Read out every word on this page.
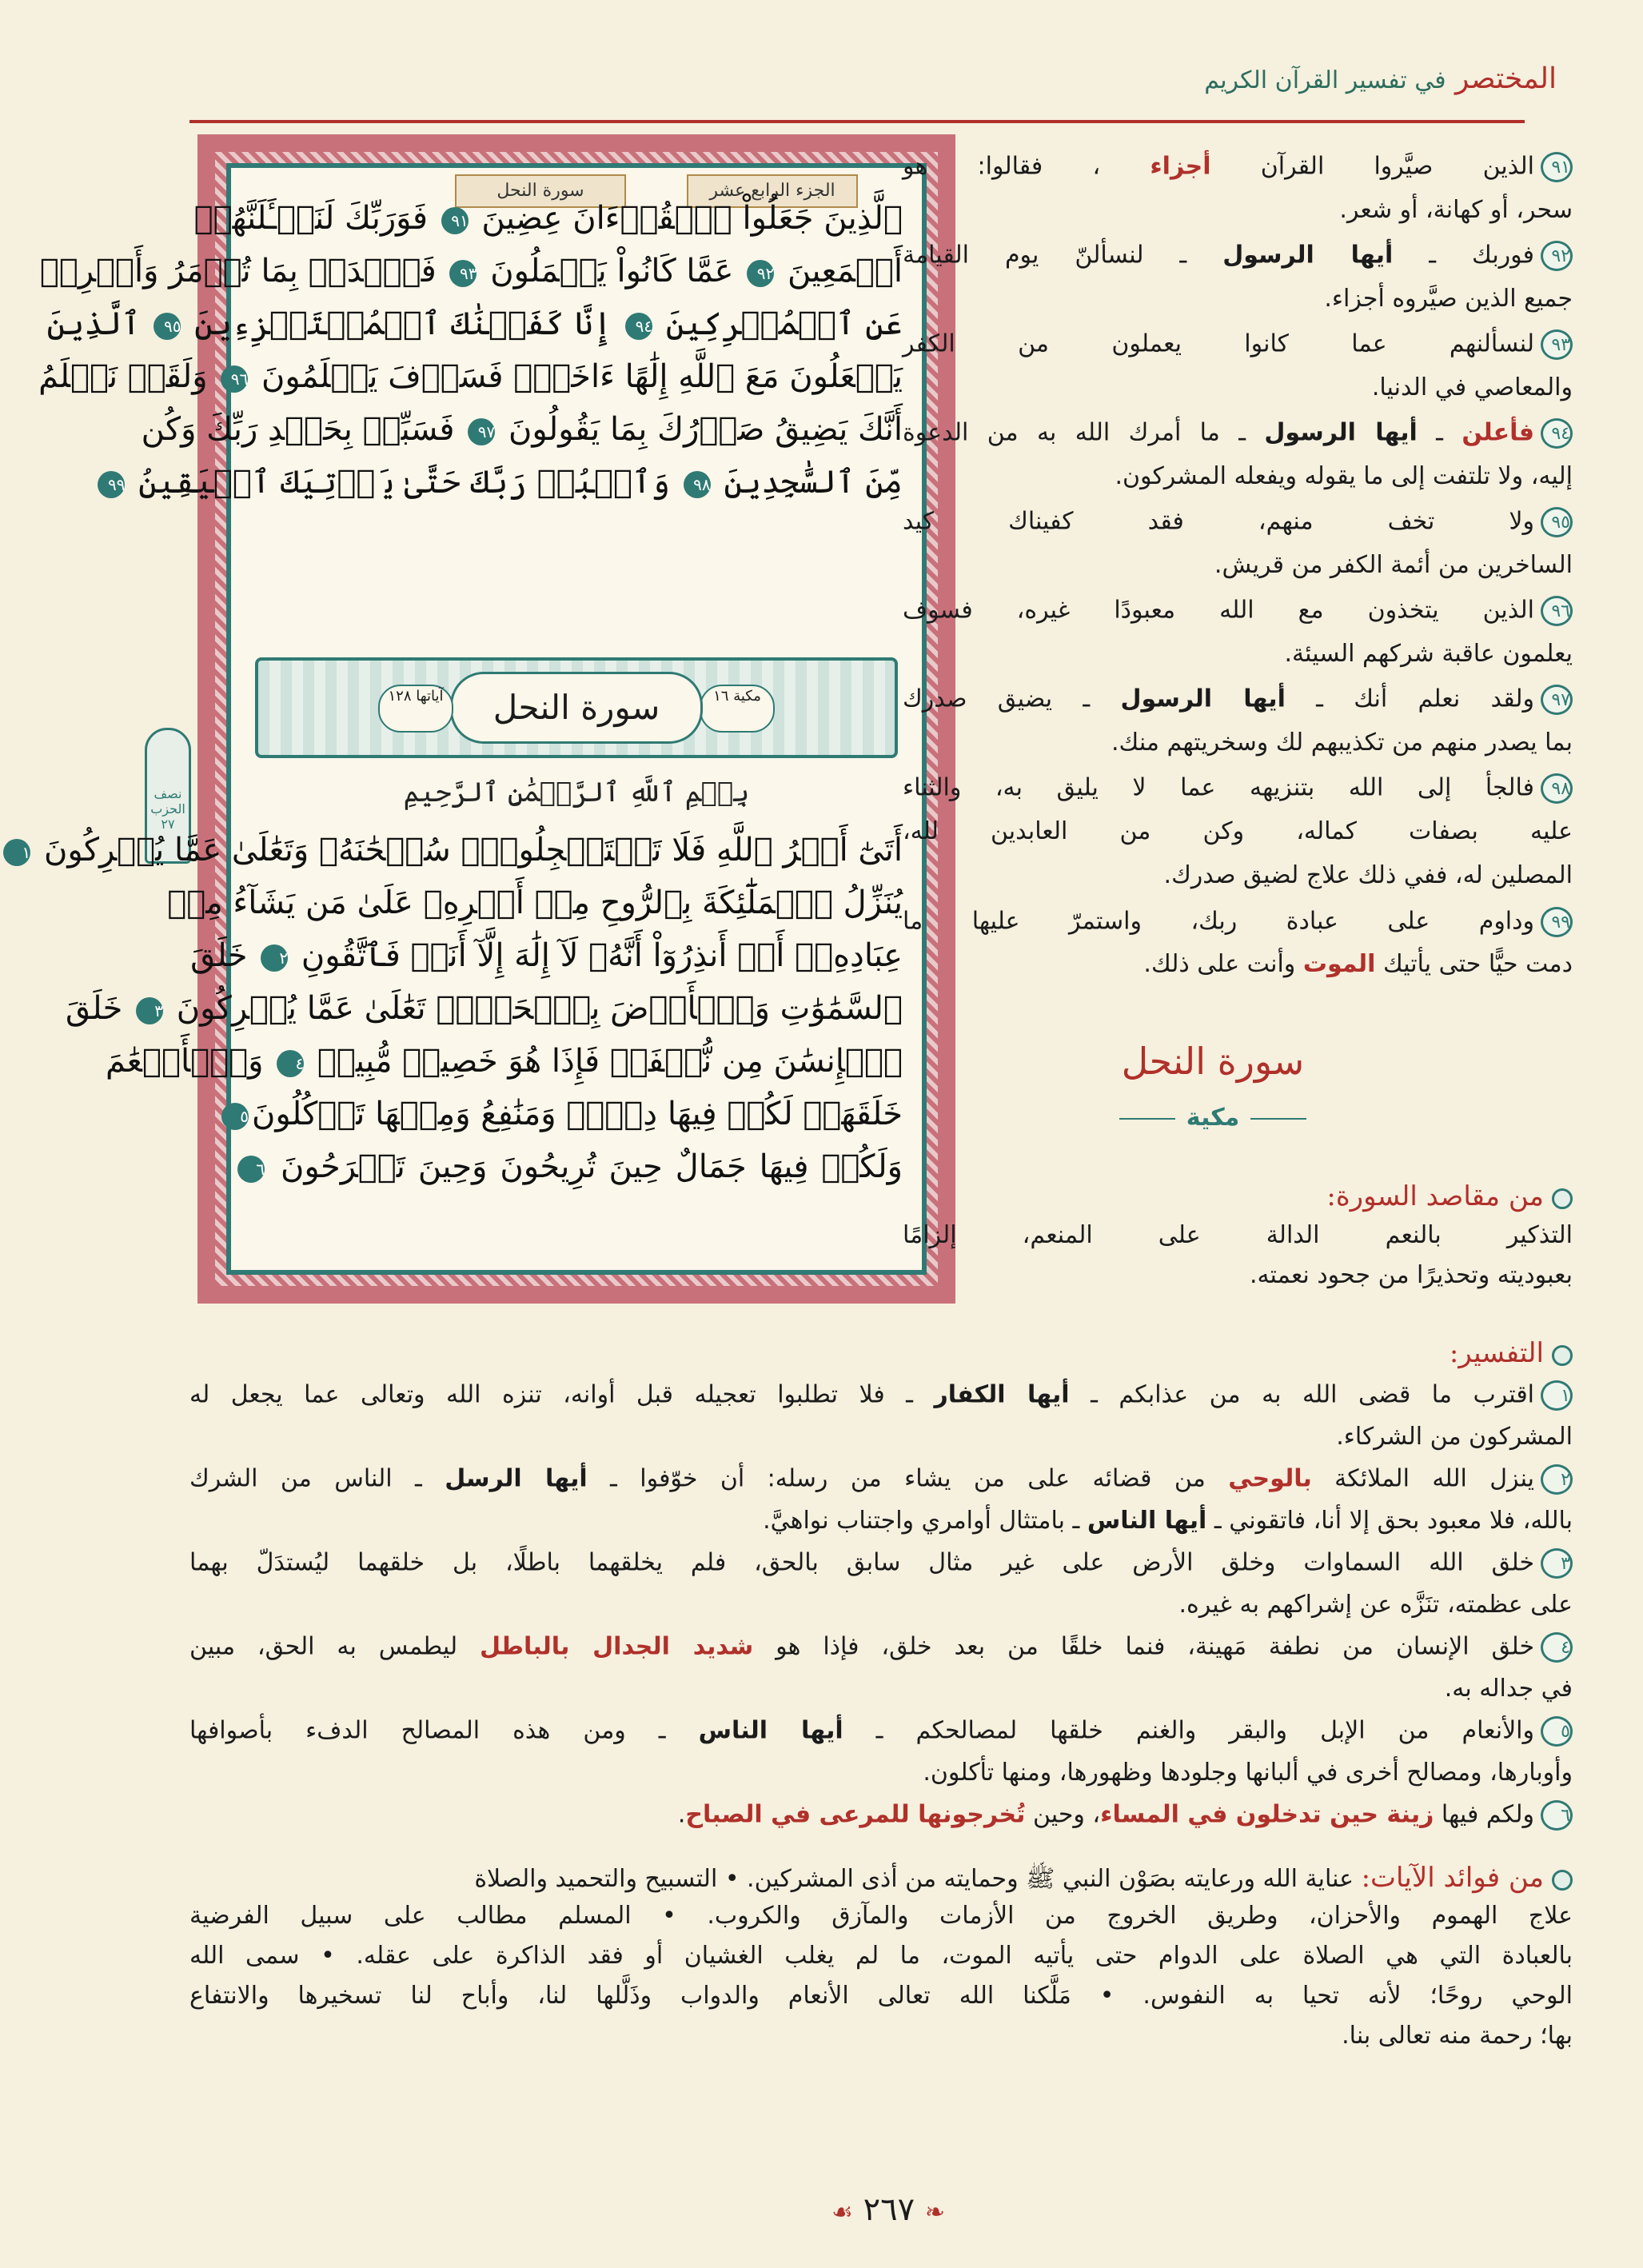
المختصر في تفسير القرآن الكريم
نصف الحزب ٢٧
الجزء الرابع عشر
سورة النحل
ٱلَّذِينَ جَعَلُواْ ٱلۡقُرۡءَانَ عِضِينَ ٩١ فَوَرَبِّكَ لَنَسۡـَٔلَنَّهُمۡ
أَجۡمَعِينَ ٩٢ عَمَّا كَانُواْ يَعۡمَلُونَ ٩٣ فَٱصۡدَعۡ بِمَا تُؤۡمَرُ وَأَعۡرِضۡ
عَنِ ٱلۡمُشۡرِكِينَ ٩٤ إِنَّا كَفَيۡنَٰكَ ٱلۡمُسۡتَهۡزِءِينَ ٩٥ ٱلَّذِينَ
يَجۡعَلُونَ مَعَ ٱللَّهِ إِلَٰهًا ءَاخَرَۚ فَسَوۡفَ يَعۡلَمُونَ ٩٦ وَلَقَدۡ نَعۡلَمُ
أَنَّكَ يَضِيقُ صَدۡرُكَ بِمَا يَقُولُونَ ٩٧ فَسَبِّحۡ بِحَمۡدِ رَبِّكَ وَكُن
مِّنَ ٱلسَّٰجِدِينَ ٩٨ وَٱعۡبُدۡ رَبَّكَ حَتَّىٰ يَأۡتِيَكَ ٱلۡيَقِينُ ٩٩
أَتَىٰٓ أَمۡرُ ٱللَّهِ فَلَا تَسۡتَعۡجِلُوهُۚ سُبۡحَٰنَهُۥ وَتَعَٰلَىٰ عَمَّا يُشۡرِكُونَ ١
يُنَزِّلُ ٱلۡمَلَٰٓئِكَةَ بِٱلرُّوحِ مِنۡ أَمۡرِهِۦ عَلَىٰ مَن يَشَآءُ مِنۡ
عِبَادِهِۦٓ أَنۡ أَنذِرُوٓاْ أَنَّهُۥ لَآ إِلَٰهَ إِلَّآ أَنَا۠ فَٱتَّقُونِ ٢ خَلَقَ
ٱلسَّمَٰوَٰتِ وَٱلۡأَرۡضَ بِٱلۡحَقِّۚ تَعَٰلَىٰ عَمَّا يُشۡرِكُونَ ٣ خَلَقَ
ٱلۡإِنسَٰنَ مِن نُّطۡفَةٖ فَإِذَا هُوَ خَصِيمٞ مُّبِينٞ ٤ وَٱلۡأَنۡعَٰمَ
خَلَقَهَاۖ لَكُمۡ فِيهَا دِفۡءٞ وَمَنَٰفِعُ وَمِنۡهَا تَأۡكُلُونَ٥
وَلَكُمۡ فِيهَا جَمَالٌ حِينَ تُرِيحُونَ وَحِينَ تَسۡرَحُونَ ٦
مكية ١٦
سورة النحل
آياتها ١٢٨
بِسۡمِ ٱللَّهِ ٱلرَّحۡمَٰنِ ٱلرَّحِيمِ
٩١الذين صيَّروا القرآن أجزاء ، فقالوا: هو
سحر، أو كهانة، أو شعر.
٩٢فوربك ـ أيها الرسول ـ لنسألنّ يوم القيامة
جميع الذين صيَّروه أجزاء.
٩٣لنسألنهم عما كانوا يعملون من الكفر
والمعاصي في الدنيا.
٩٤فأعلن ـ أيها الرسول ـ ما أمرك الله به من الدعوة
إليه، ولا تلتفت إلى ما يقوله ويفعله المشركون.
٩٥ولا تخف منهم، فقد كفيناك كيد
الساخرين من أئمة الكفر من قريش.
٩٦الذين يتخذون مع الله معبودًا غيره، فسوف
يعلمون عاقبة شركهم السيئة.
٩٧ولقد نعلم أنك ـ أيها الرسول ـ يضيق صدرك
بما يصدر منهم من تكذيبهم لك وسخريتهم منك.
٩٨فالجأ إلى الله بتنزيهه عما لا يليق به، والثناء
عليه بصفات كماله، وكن من العابدين لله،
المصلين له، ففي ذلك علاج لضيق صدرك.
٩٩وداوم على عبادة ربك، واستمرّ عليها ما
دمت حيًّا حتى يأتيك الموت وأنت على ذلك.
سورة النحل
مكية
من مقاصد السورة:
التذكير بالنعم الدالة على المنعم، إلزامًا
بعبوديته وتحذيرًا من جحود نعمته.
التفسير:
١اقترب ما قضى الله به من عذابكم ـ أيها الكفار ـ فلا تطلبوا تعجيله قبل أوانه، تنزه الله وتعالى عما يجعل له
المشركون من الشركاء.
٢ينزل الله الملائكة بالوحي من قضائه على من يشاء من رسله: أن خوّفوا ـ أيها الرسل ـ الناس من الشرك
بالله، فلا معبود بحق إلا أنا، فاتقوني ـ أيها الناس ـ بامتثال أوامري واجتناب نواهيَّ.
٣خلق الله السماوات وخلق الأرض على غير مثال سابق بالحق، فلم يخلقهما باطلًا، بل خلقهما ليُستدَلّ بهما
على عظمته، تنَزَّه عن إشراكهم به غيره.
٤خلق الإنسان من نطفة مَهينة، فنما خلقًا من بعد خلق، فإذا هو شديد الجدال بالباطل ليطمس به الحق، مبين
في جداله به.
٥والأنعام من الإبل والبقر والغنم خلقها لمصالحكم ـ أيها الناس ـ ومن هذه المصالح الدفء بأصوافها
وأوبارها، ومصالح أخرى في ألبانها وجلودها وظهورها، ومنها تأكلون.
٦ولكم فيها زينة حين تدخلون في المساء، وحين تُخرجونها للمرعى في الصباح.
من فوائد الآيات: عناية الله ورعايته بصَوْن النبي ﷺ وحمايته من أذى المشركين. • التسبيح والتحميد والصلاة
علاج الهموم والأحزان، وطريق الخروج من الأزمات والمآزق والكروب. • المسلم مطالب على سبيل الفرضية
بالعبادة التي هي الصلاة على الدوام حتى يأتيه الموت، ما لم يغلب الغشيان أو فقد الذاكرة على عقله. • سمى الله
الوحي روحًا؛ لأنه تحيا به النفوس. • مَلَّكنا الله تعالى الأنعام والدواب وذَلَّلها لنا، وأباح لنا تسخيرها والانتفاع
بها؛ رحمة منه تعالى بنا.
❧ ٢٦٧ ☙
